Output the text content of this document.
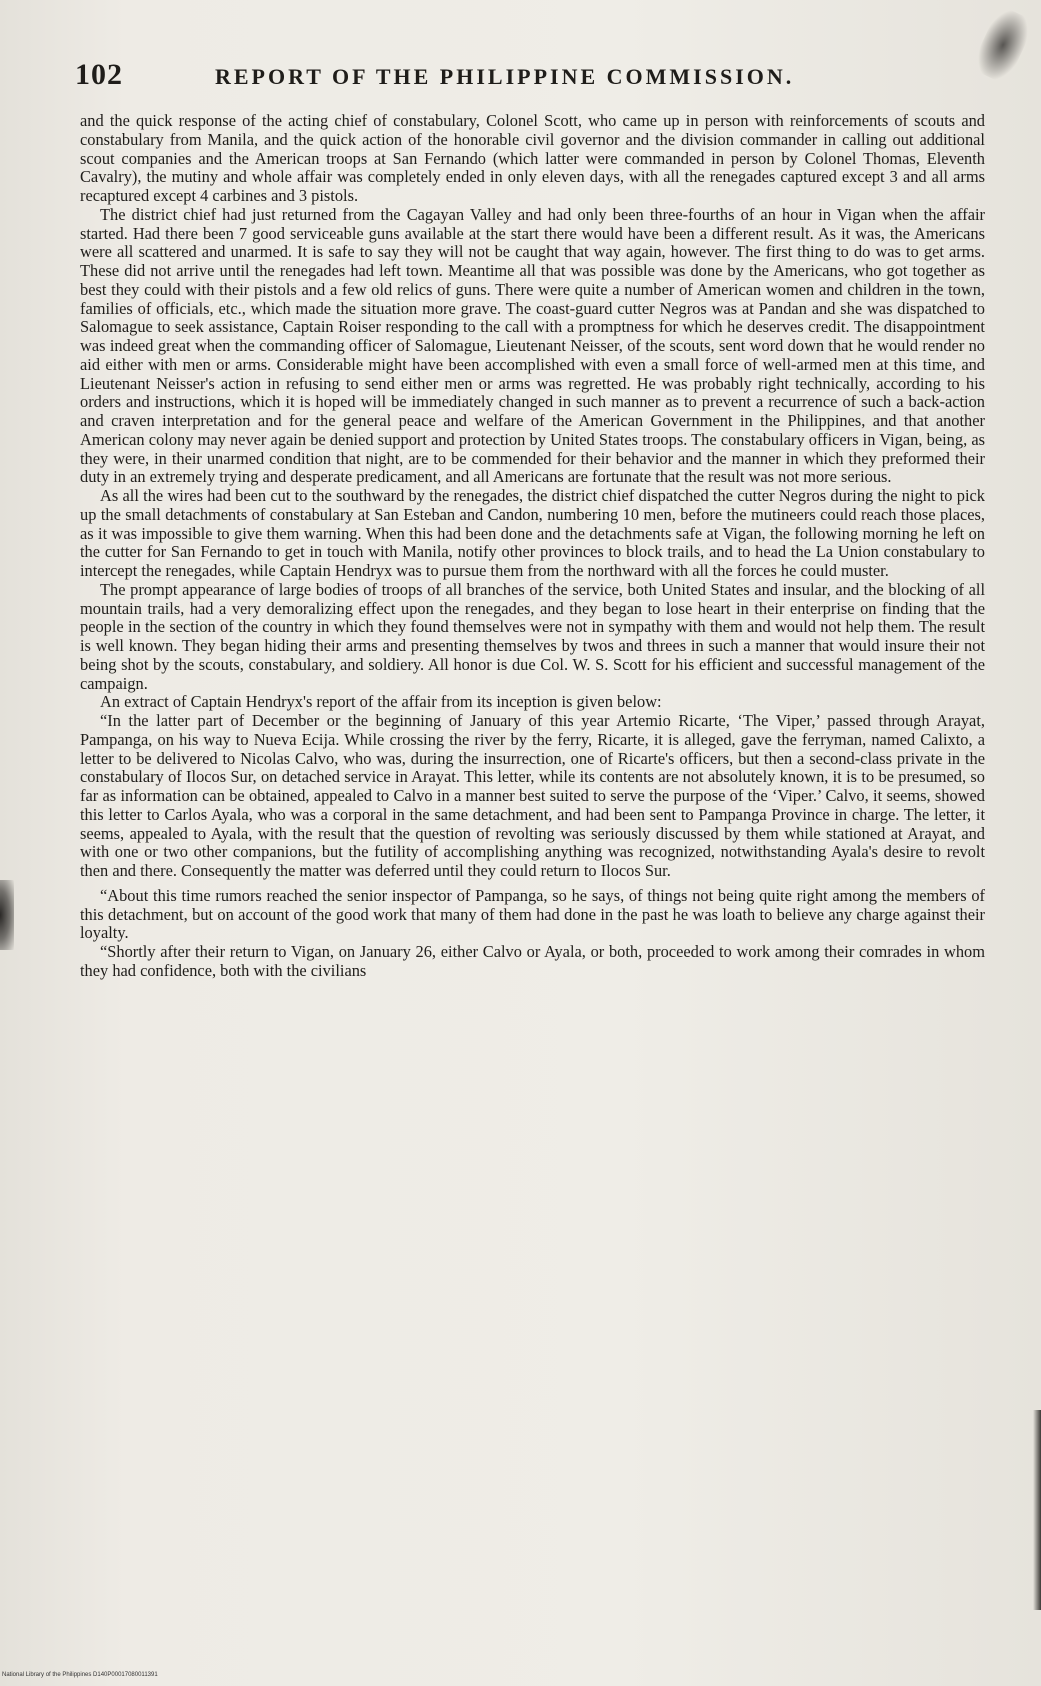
102	REPORT OF THE PHILIPPINE COMMISSION.

and the quick response of the acting chief of constabulary, Colonel Scott, who came up in person with reinforcements of scouts and constabulary from Manila, and the quick action of the honorable civil governor and the division commander in calling out additional scout companies and the American troops at San Fernando (which latter were commanded in person by Colonel Thomas, Eleventh Cavalry), the mutiny and whole affair was completely ended in only eleven days, with all the renegades captured except 3 and all arms recaptured except 4 carbines and 3 pistols.

The district chief had just returned from the Cagayan Valley and had only been three-fourths of an hour in Vigan when the affair started. Had there been 7 good serviceable guns available at the start there would have been a different result. As it was, the Americans were all scattered and unarmed. It is safe to say they will not be caught that way again, however. The first thing to do was to get arms. These did not arrive until the renegades had left town. Meantime all that was possible was done by the Americans, who got together as best they could with their pistols and a few old relics of guns. There were quite a number of American women and children in the town, families of officials, etc., which made the situation more grave. The coast-guard cutter Negros was at Pandan and she was dispatched to Salomague to seek assistance, Captain Roiser responding to the call with a promptness for which he deserves credit. The disappointment was indeed great when the commanding officer of Salomague, Lieutenant Neisser, of the scouts, sent word down that he would render no aid either with men or arms. Considerable might have been accomplished with even a small force of well-armed men at this time, and Lieutenant Neisser's action in refusing to send either men or arms was regretted. He was probably right technically, according to his orders and instructions, which it is hoped will be immediately changed in such manner as to prevent a recurrence of such a back-action and craven interpretation and for the general peace and welfare of the American Government in the Philippines, and that another American colony may never again be denied support and protection by United States troops. The constabulary officers in Vigan, being, as they were, in their unarmed condition that night, are to be commended for their behavior and the manner in which they preformed their duty in an extremely trying and desperate predicament, and all Americans are fortunate that the result was not more serious.

As all the wires had been cut to the southward by the renegades, the district chief dispatched the cutter Negros during the night to pick up the small detachments of constabulary at San Esteban and Candon, numbering 10 men, before the mutineers could reach those places, as it was impossible to give them warning. When this had been done and the detachments safe at Vigan, the following morning he left on the cutter for San Fernando to get in touch with Manila, notify other provinces to block trails, and to head the La Union constabulary to intercept the renegades, while Captain Hendryx was to pursue them from the northward with all the forces he could muster.

The prompt appearance of large bodies of troops of all branches of the service, both United States and insular, and the blocking of all mountain trails, had a very demoralizing effect upon the renegades, and they began to lose heart in their enterprise on finding that the people in the section of the country in which they found themselves were not in sympathy with them and would not help them. The result is well known. They began hiding their arms and presenting themselves by twos and threes in such a manner that would insure their not being shot by the scouts, constabulary, and soldiery. All honor is due Col. W. S. Scott for his efficient and successful management of the campaign.

An extract of Captain Hendryx's report of the affair from its inception is given below:

“In the latter part of December or the beginning of January of this year Artemio Ricarte, ‘The Viper,’ passed through Arayat, Pampanga, on his way to Nueva Ecija. While crossing the river by the ferry, Ricarte, it is alleged, gave the ferryman, named Calixto, a letter to be delivered to Nicolas Calvo, who was, during the insurrection, one of Ricarte's officers, but then a second-class private in the constabulary of Ilocos Sur, on detached service in Arayat. This letter, while its contents are not absolutely known, it is to be presumed, so far as information can be obtained, appealed to Calvo in a manner best suited to serve the purpose of the ‘Viper.’ Calvo, it seems, showed this letter to Carlos Ayala, who was a corporal in the same detachment, and had been sent to Pampanga Province in charge. The letter, it seems, appealed to Ayala, with the result that the question of revolting was seriously discussed by them while stationed at Arayat, and with one or two other companions, but the futility of accomplishing anything was recognized, notwithstanding Ayala's desire to revolt then and there. Consequently the matter was deferred until they could return to Ilocos Sur.

“About this time rumors reached the senior inspector of Pampanga, so he says, of things not being quite right among the members of this detachment, but on account of the good work that many of them had done in the past he was loath to believe any charge against their loyalty.

“Shortly after their return to Vigan, on January 26, either Calvo or Ayala, or both, proceeded to work among their comrades in whom they had confidence, both with the civilians

National Library of the Philippines D140P00017080011391
